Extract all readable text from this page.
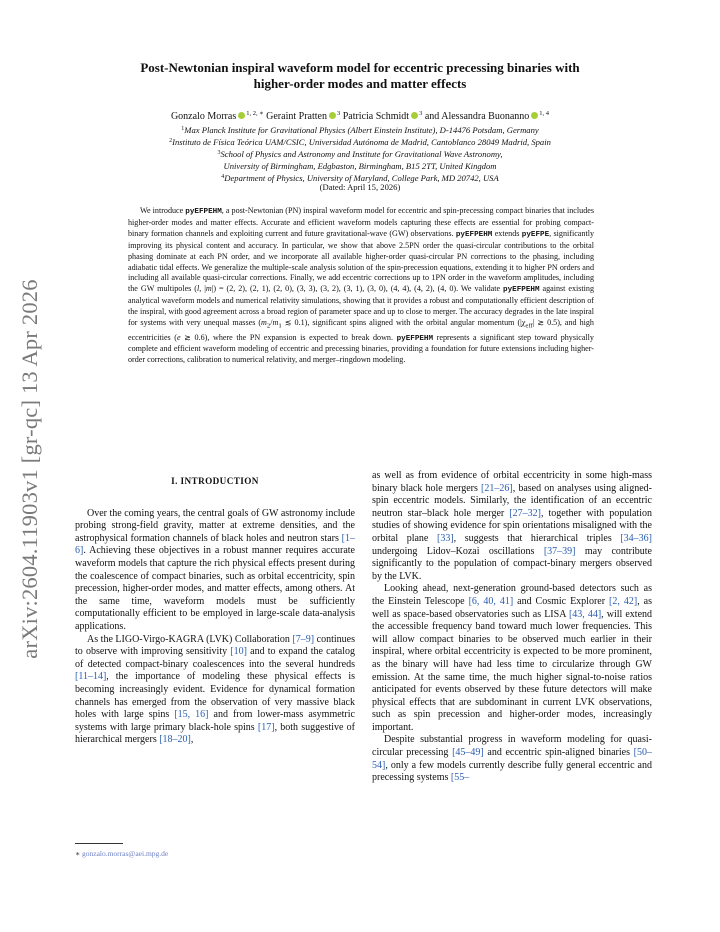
arXiv:2604.11903v1 [gr-qc] 13 Apr 2026
Post-Newtonian inspiral waveform model for eccentric precessing binaries with
higher-order modes and matter effects
Gonzalo Morras $^{1, 2, ∗}$ Geraint Pratten $^3$ Patricia Schmidt $^3$ and Alessandra Buonanno $^{1, 4}$
$^1$Max Planck Institute for Gravitational Physics (Albert Einstein Institute), D-14476 Potsdam, Germany
$^2$Instituto de Física Teórica UAM/CSIC, Universidad Autónoma de Madrid, Cantoblanco 28049 Madrid, Spain
$^3$School of Physics and Astronomy and Institute for Gravitational Wave Astronomy,
University of Birmingham, Edgbaston, Birmingham, B15 2TT, United Kingdom
$^4$Department of Physics, University of Maryland, College Park, MD 20742, USA
(Dated: April 15, 2026)

We introduce pyEFPEHM, a post-Newtonian (PN) inspiral waveform model for eccentric and spin-precessing compact binaries that includes higher-order modes and matter effects. Accurate and efficient waveform models capturing these effects are essential for probing compact-binary formation channels and exploiting current and future gravitational-wave (GW) observations. pyEFPEHM extends pyEFPE, significantly improving its physical content and accuracy. In particular, we show that above 2.5PN order the quasi-circular contributions to the orbital phasing dominate at each PN order, and we incorporate all available higher-order quasi-circular PN corrections to the phasing, including adiabatic tidal effects. We generalize the multiple-scale analysis solution of the spin-precession equations, extending it to higher PN orders and including all available quasi-circular corrections. Finally, we add eccentric corrections up to 1PN order in the waveform amplitudes, including the GW multipoles (l, |m|) = (2, 2), (2, 1), (2, 0), (3, 3), (3, 2), (3, 1), (3, 0), (4, 4), (4, 2), (4, 0). We validate pyEFPEHM against existing analytical waveform models and numerical relativity simulations, showing that it provides a robust and computationally efficient description of the inspiral, with good agreement across a broad region of parameter space and up to close to merger. The accuracy degrades in the late inspiral for systems with very unequal masses ($m_2/m_1$ ≲ 0.1), significant spins aligned with the orbital angular momentum ($|\chi_{eff}|$ ≳ 0.5), and high eccentricities (e ≳ 0.6), where the PN expansion is expected to break down. pyEFPEHM represents a significant step toward physically complete and efficient waveform modeling of eccentric and precessing binaries, providing a foundation for future extensions including higher-order corrections, calibration to numerical relativity, and merger–ringdown modeling.

I. INTRODUCTION

Over the coming years, the central goals of GW astronomy include probing strong-field gravity, matter at extreme densities, and the astrophysical formation channels of black holes and neutron stars [1–6]. Achieving these objectives in a robust manner requires accurate waveform models that capture the rich physical effects present during the coalescence of compact binaries, such as orbital eccentricity, spin precession, higher-order modes, and matter effects, among others. At the same time, waveform models must be sufficiently computationally efficient to be employed in large-scale data-analysis applications.

As the LIGO-Virgo-KAGRA (LVK) Collaboration [7–9] continues to observe with improving sensitivity [10] and to expand the catalog of detected compact-binary coalescences into the several hundreds [11–14], the importance of modeling these physical effects is becoming increasingly evident. Evidence for dynamical formation channels has emerged from the observation of very massive black holes with large spins [15, 16] and from lower-mass asymmetric systems with large primary black-hole spins [17], both suggestive of hierarchical mergers [18–20],

as well as from evidence of orbital eccentricity in some high-mass binary black hole mergers [21–26], based on analyses using aligned-spin eccentric models. Similarly, the identification of an eccentric neutron star–black hole merger [27–32], together with population studies of showing evidence for spin orientations misaligned with the orbital plane [33], suggests that hierarchical triples [34–36] undergoing Lidov–Kozai oscillations [37–39] may contribute significantly to the population of compact-binary mergers observed by the LVK.

Looking ahead, next-generation ground-based detectors such as the Einstein Telescope [6, 40, 41] and Cosmic Explorer [2, 42], as well as space-based observatories such as LISA [43, 44], will extend the accessible frequency band toward much lower frequencies. This will allow compact binaries to be observed much earlier in their inspiral, where orbital eccentricity is expected to be more prominent, as the binary will have had less time to circularize through GW emission. At the same time, the much higher signal-to-noise ratios anticipated for events observed by these future detectors will make physical effects that are subdominant in current LVK observations, such as spin precession and higher-order modes, increasingly important.

Despite substantial progress in waveform modeling for quasi-circular precessing [45–49] and eccentric spin-aligned binaries [50–54], only a few models currently describe fully general eccentric and precessing systems [55–

∗ gonzalo.morras@aei.mpg.de
